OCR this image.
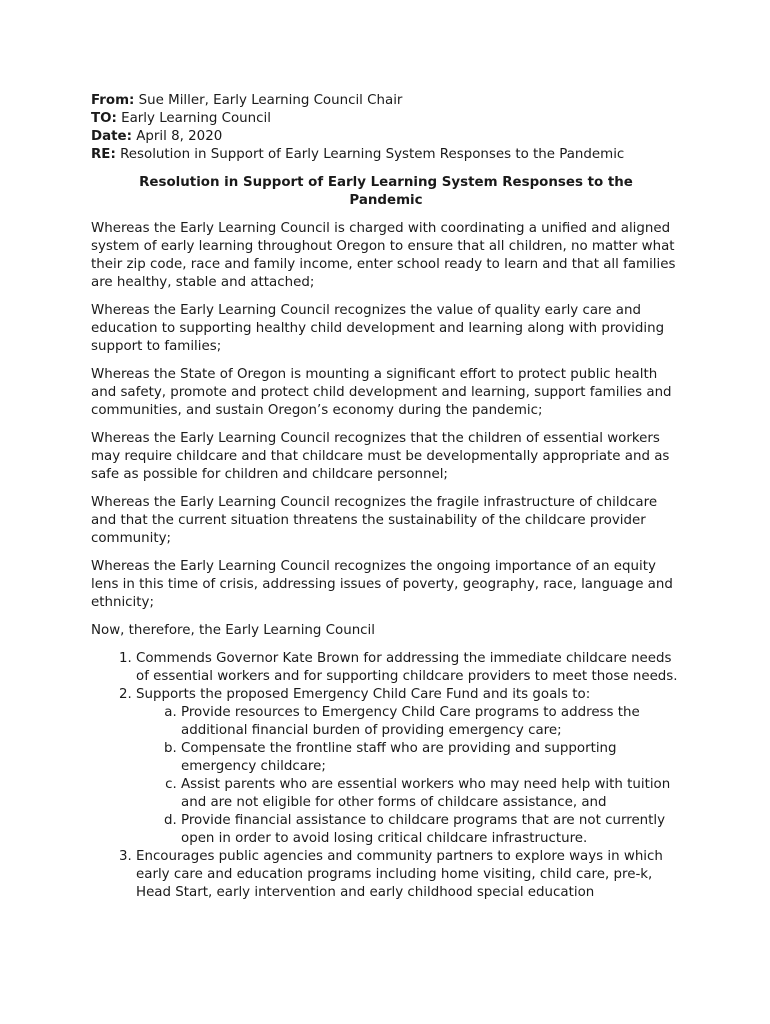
From: Sue Miller, Early Learning Council Chair

TO: Early Learning Council

Date: April 8, 2020

RE: Resolution in Support of Early Learning System Responses to the Pandemic

Resolution in Support of Early Learning System Responses to the Pandemic

Whereas the Early Learning Council is charged with coordinating a unified and aligned system of early learning throughout Oregon to ensure that all children, no matter what their zip code, race and family income, enter school ready to learn and that all families are healthy, stable and attached;

Whereas the Early Learning Council recognizes the value of quality early care and education to supporting healthy child development and learning along with providing support to families;

Whereas the State of Oregon is mounting a significant effort to protect public health and safety, promote and protect child development and learning, support families and communities, and sustain Oregon’s economy during the pandemic;

Whereas the Early Learning Council recognizes that the children of essential workers may require childcare and that childcare must be developmentally appropriate and as safe as possible for children and childcare personnel;

Whereas the Early Learning Council recognizes the fragile infrastructure of childcare and that the current situation threatens the sustainability of the childcare provider community;

Whereas the Early Learning Council recognizes the ongoing importance of an equity lens in this time of crisis, addressing issues of poverty, geography, race, language and ethnicity;

Now, therefore, the Early Learning Council

1. Commends Governor Kate Brown for addressing the immediate childcare needs of essential workers and for supporting childcare providers to meet those needs.
2. Supports the proposed Emergency Child Care Fund and its goals to:
a. Provide resources to Emergency Child Care programs to address the additional financial burden of providing emergency care;
b. Compensate the frontline staff who are providing and supporting emergency childcare;
c. Assist parents who are essential workers who may need help with tuition and are not eligible for other forms of childcare assistance, and
d. Provide financial assistance to childcare programs that are not currently open in order to avoid losing critical childcare infrastructure.
3. Encourages public agencies and community partners to explore ways in which early care and education programs including home visiting, child care, pre-k, Head Start, early intervention and early childhood special education
